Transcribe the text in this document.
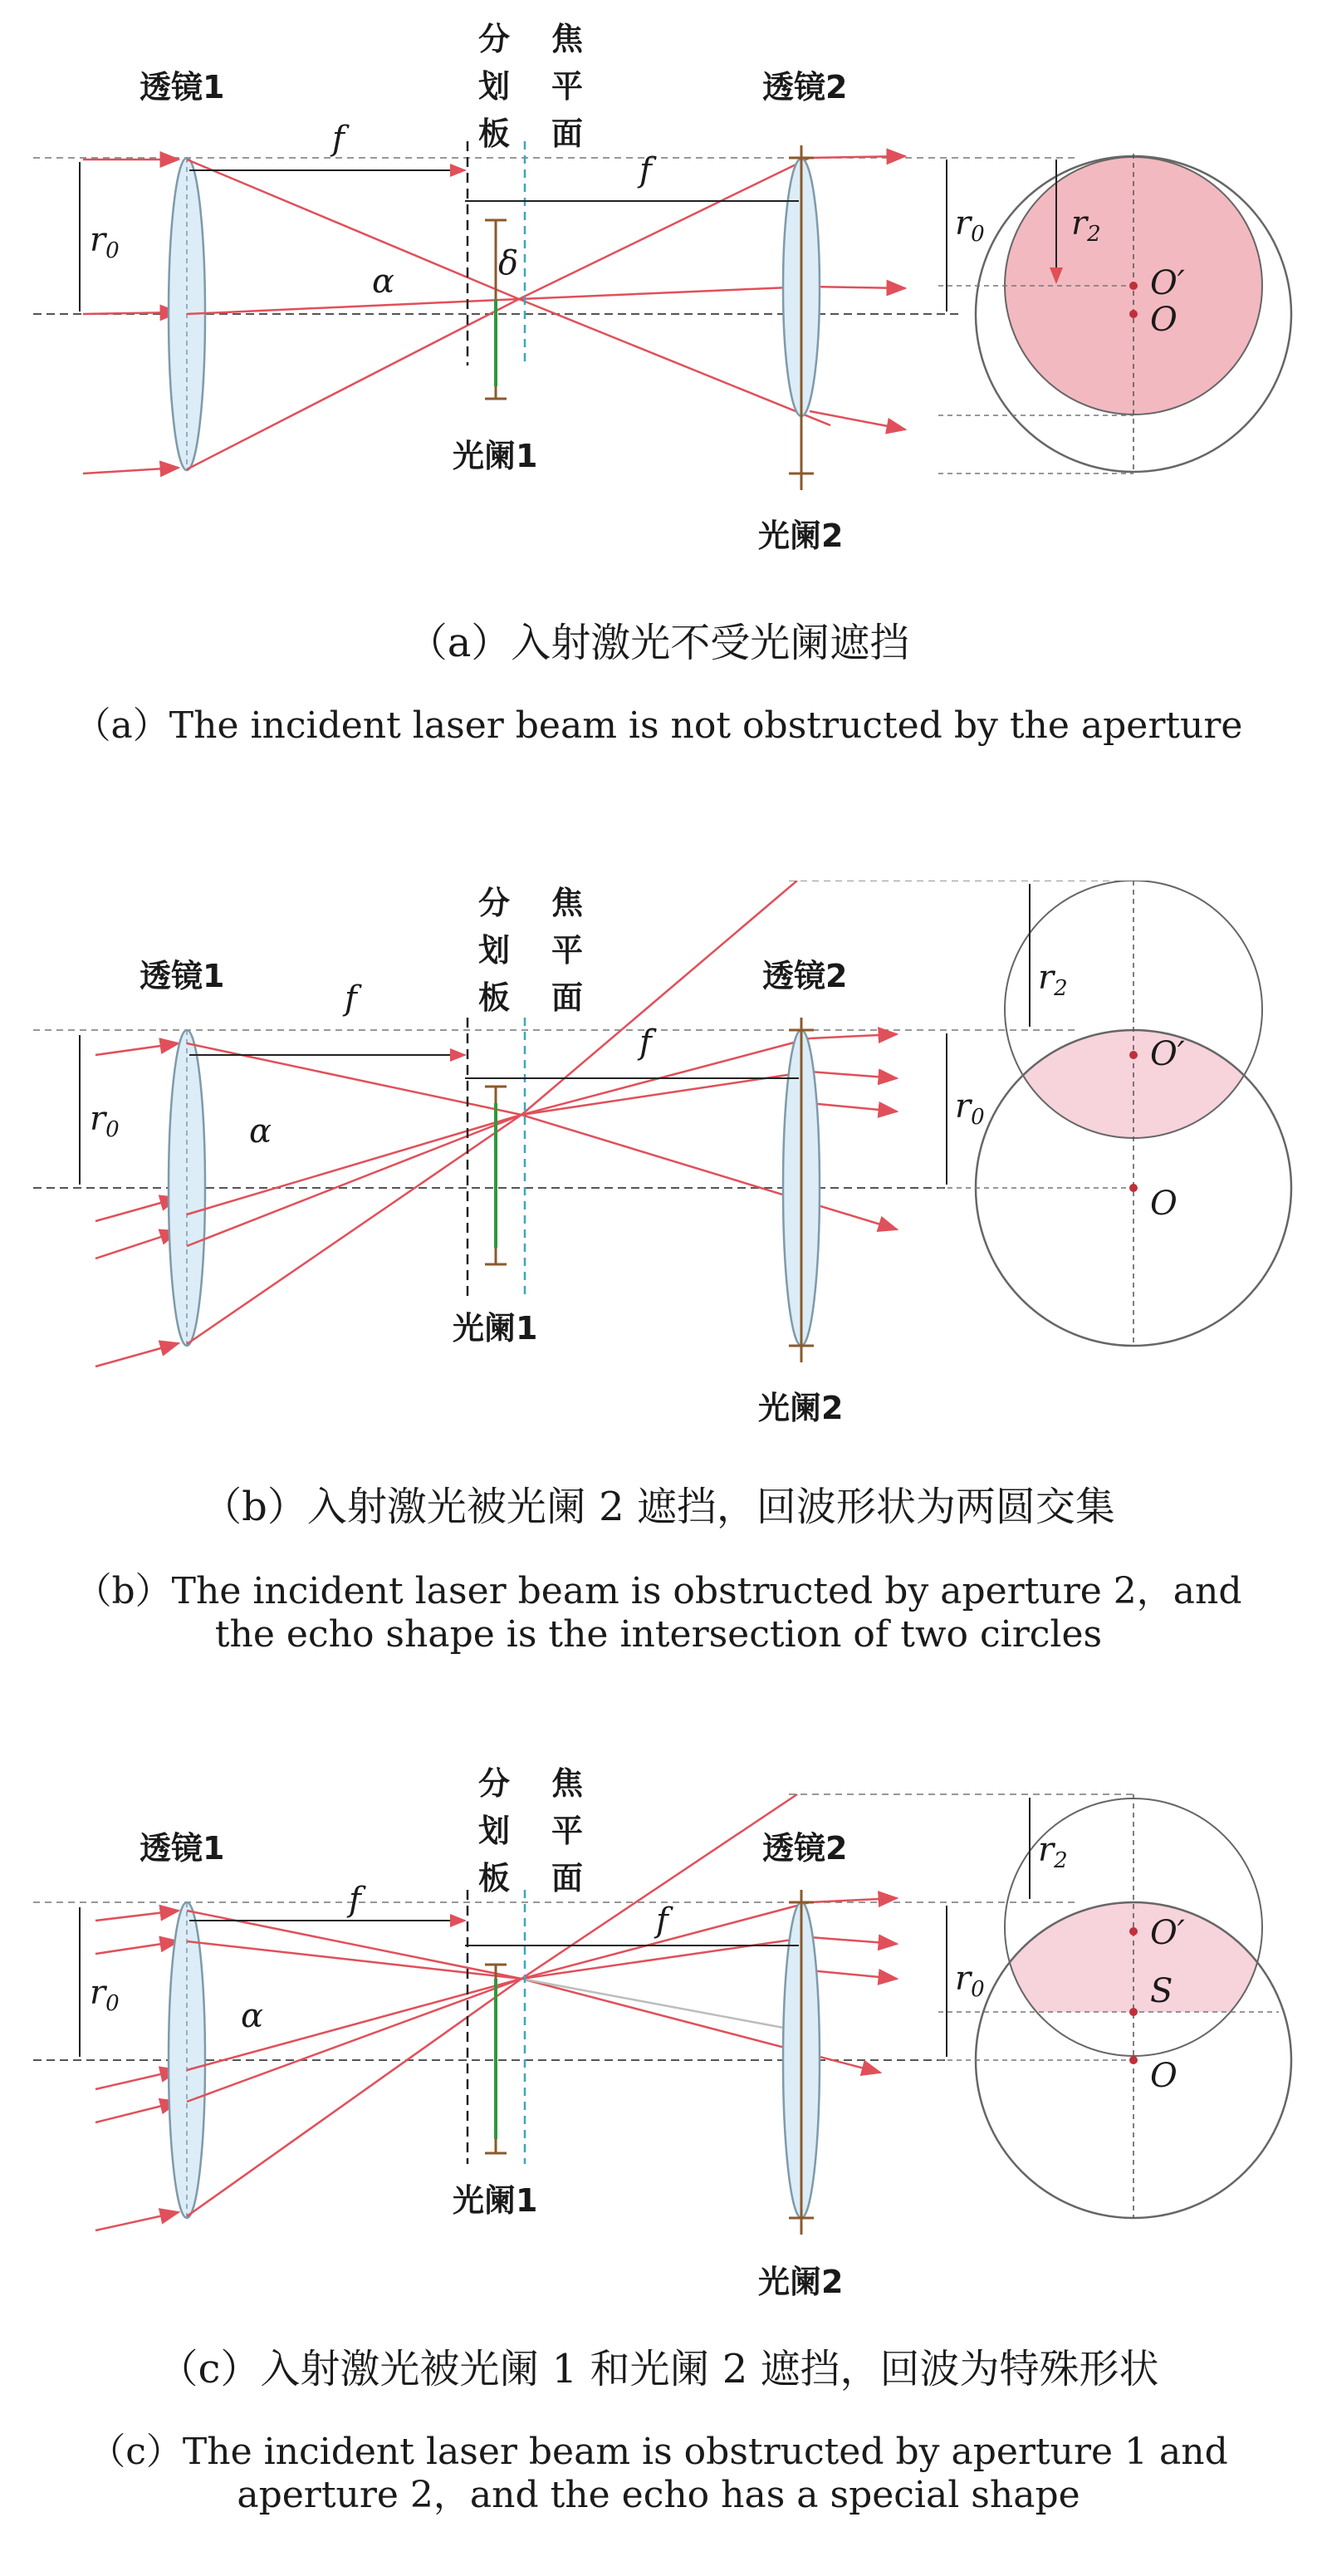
透镜1	透镜2
分
划
板
焦
平
面
光阑1
光阑2
f
f
α	δ
$r_0$
$r_0$	$r_2$
O′
O
（a）入射激光不受光阑遮挡
（a）The incident laser beam is not obstructed by the aperture
透镜1	透镜2
分
划
板
焦
平
面
光阑1
光阑2
f
f
α
$r_0$
$r_0$
$r_2$
O′
O
（b）入射激光被光阑 2 遮挡，回波形状为两圆交集
（b）The incident laser beam is obstructed by aperture 2，and the echo shape is the intersection of two circles
透镜1	透镜2
分
划
板
焦
平
面
光阑1
光阑2
f
f
α
$r_0$
$r_0$
$r_2$
O′
S
O
（c）入射激光被光阑 1 和光阑 2 遮挡，回波为特殊形状
（c）The incident laser beam is obstructed by aperture 1 and aperture 2，and the echo has a special shape
